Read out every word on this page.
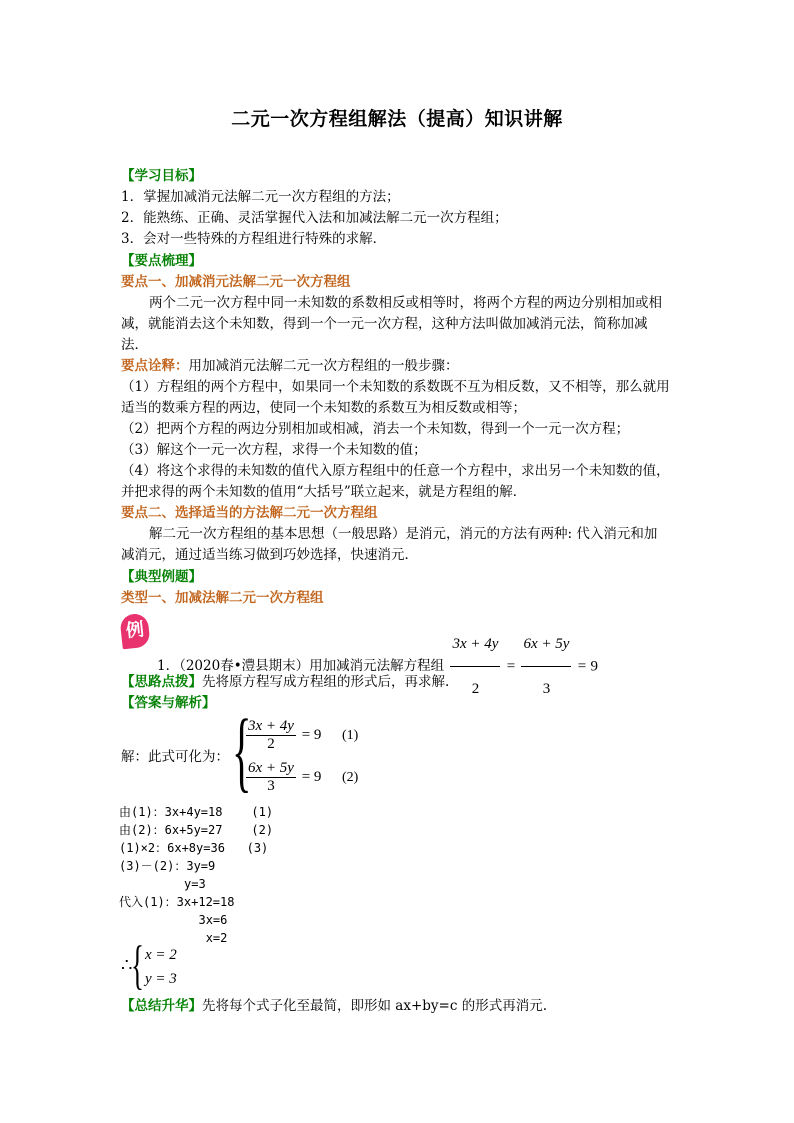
二元一次方程组解法（提高）知识讲解
【学习目标】
1．掌握加减消元法解二元一次方程组的方法；
2．能熟练、正确、灵活掌握代入法和加减法解二元一次方程组；
3．会对一些特殊的方程组进行特殊的求解．
【要点梳理】
要点一、加减消元法解二元一次方程组
两个二元一次方程中同一未知数的系数相反或相等时，将两个方程的两边分别相加或相
减，就能消去这个未知数，得到一个一元一次方程，这种方法叫做加减消元法，简称加减
法．
要点诠释：用加减消元法解二元一次方程组的一般步骤：
（1）方程组的两个方程中，如果同一个未知数的系数既不互为相反数，又不相等，那么就用
适当的数乘方程的两边，使同一个未知数的系数互为相反数或相等；
（2）把两个方程的两边分别相加或相减，消去一个未知数，得到一个一元一次方程；
（3）解这个一元一次方程，求得一个未知数的值；
（4）将这个求得的未知数的值代入原方程组中的任意一个方程中，求出另一个未知数的值，
并把求得的两个未知数的值用“大括号”联立起来，就是方程组的解．
要点二、选择适当的方法解二元一次方程组
解二元一次方程组的基本思想（一般思路）是消元，消元的方法有两种: 代入消元和加
减消元，通过适当练习做到巧妙选择，快速消元．
【典型例题】
类型一、加减法解二元一次方程组
例
1．（2020春•澧县期末）用加减消元法解方程组 $\frac{3x + 4y}{2} = \frac{6x + 5y}{3} = 9$
【思路点拨】先将原方程写成方程组的形式后，再求解.
【答案与解析】
解：此式可化为： {
$\frac{3x + 4y}{2} = 9$ (1)
$\frac{6x + 5y}{3} = 9$ (2)
由(1)：3x+4y=18    (1)
由(2)：6x+5y=27    (2)
(1)×2：6x+8y=36   (3)
(3)－(2)：3y=9
y=3
代入(1)：3x+12=18
3x=6
x=2
∴
{ x = 2
y = 3
【总结升华】先将每个式子化至最简，即形如 ax+by=c 的形式再消元.
